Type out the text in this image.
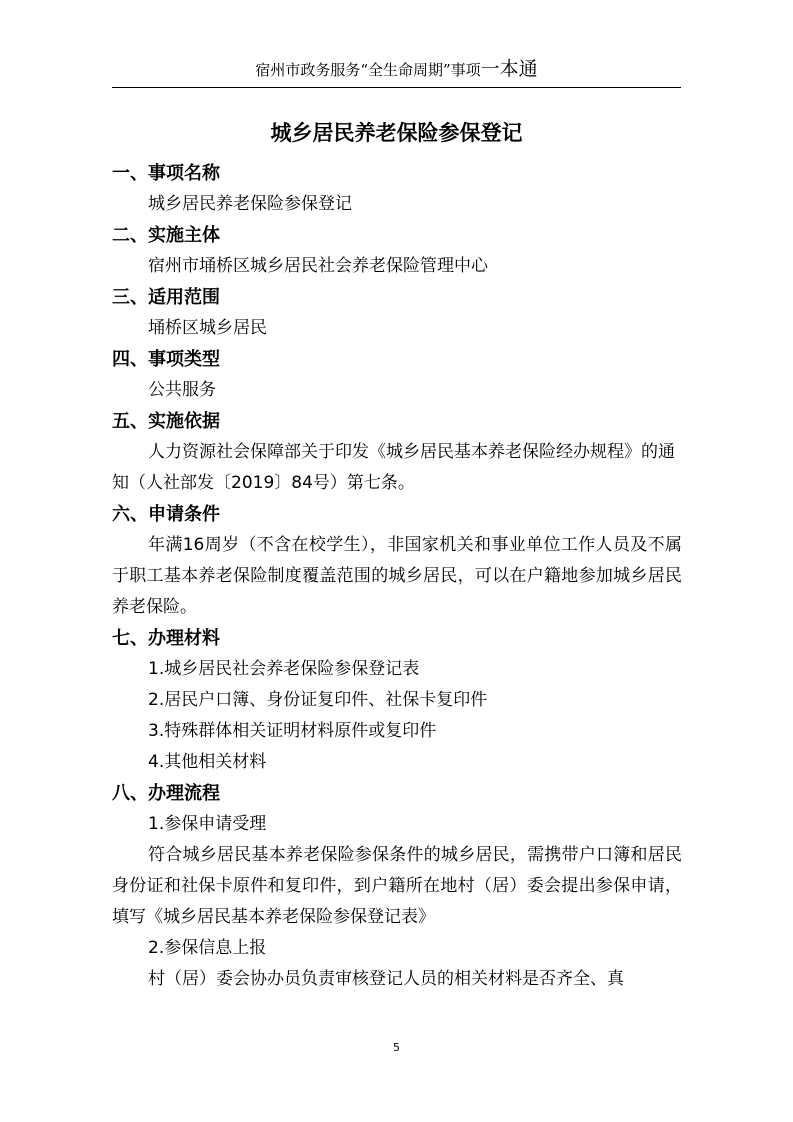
宿州市政务服务“全生命周期”事项一本通
城乡居民养老保险参保登记
一、事项名称
城乡居民养老保险参保登记
二、实施主体
宿州市埇桥区城乡居民社会养老保险管理中心
三、适用范围
埇桥区城乡居民
四、事项类型
公共服务
五、实施依据
人力资源社会保障部关于印发《城乡居民基本养老保险经办规程》的通知（人社部发〔2019〕84号）第七条。
六、申请条件
年满16周岁（不含在校学生），非国家机关和事业单位工作人员及不属于职工基本养老保险制度覆盖范围的城乡居民，可以在户籍地参加城乡居民养老保险。
七、办理材料
1.城乡居民社会养老保险参保登记表
2.居民户口簿、身份证复印件、社保卡复印件
3.特殊群体相关证明材料原件或复印件
4.其他相关材料
八、办理流程
1.参保申请受理
符合城乡居民基本养老保险参保条件的城乡居民，需携带户口簿和居民身份证和社保卡原件和复印件，到户籍所在地村（居）委会提出参保申请，填写《城乡居民基本养老保险参保登记表》
2.参保信息上报
村（居）委会协办员负责审核登记人员的相关材料是否齐全、真
5
